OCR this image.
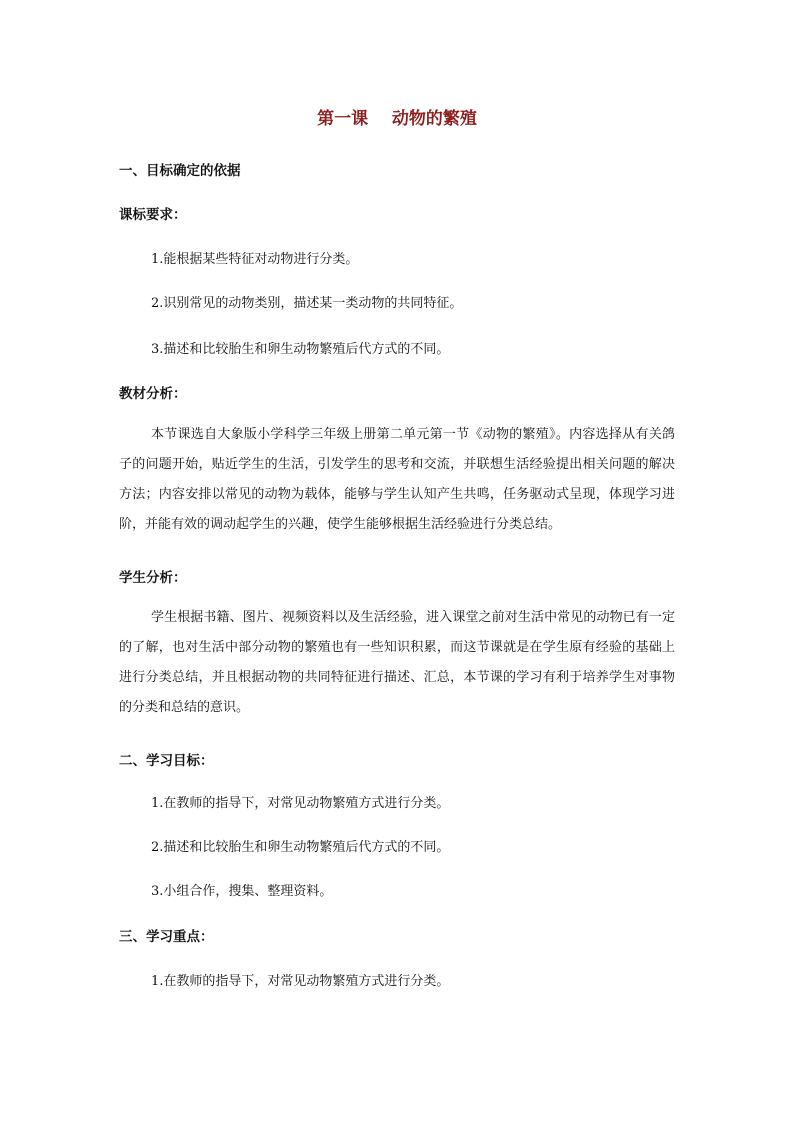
第一课    动物的繁殖
一、目标确定的依据
课标要求：
1.能根据某些特征对动物进行分类。
2.识别常见的动物类别，描述某一类动物的共同特征。
3.描述和比较胎生和卵生动物繁殖后代方式的不同。
教材分析：
本节课选自大象版小学科学三年级上册第二单元第一节《动物的繁殖》。内容选择从有关鸽子的问题开始，贴近学生的生活，引发学生的思考和交流，并联想生活经验提出相关问题的解决方法；内容安排以常见的动物为载体，能够与学生认知产生共鸣，任务驱动式呈现，体现学习进阶，并能有效的调动起学生的兴趣，使学生能够根据生活经验进行分类总结。
学生分析：
学生根据书籍、图片、视频资料以及生活经验，进入课堂之前对生活中常见的动物已有一定的了解，也对生活中部分动物的繁殖也有一些知识积累，而这节课就是在学生原有经验的基础上进行分类总结，并且根据动物的共同特征进行描述、汇总，本节课的学习有利于培养学生对事物的分类和总结的意识。
二、学习目标：
1.在教师的指导下，对常见动物繁殖方式进行分类。
2.描述和比较胎生和卵生动物繁殖后代方式的不同。
3.小组合作，搜集、整理资料。
三、学习重点：
1.在教师的指导下，对常见动物繁殖方式进行分类。
